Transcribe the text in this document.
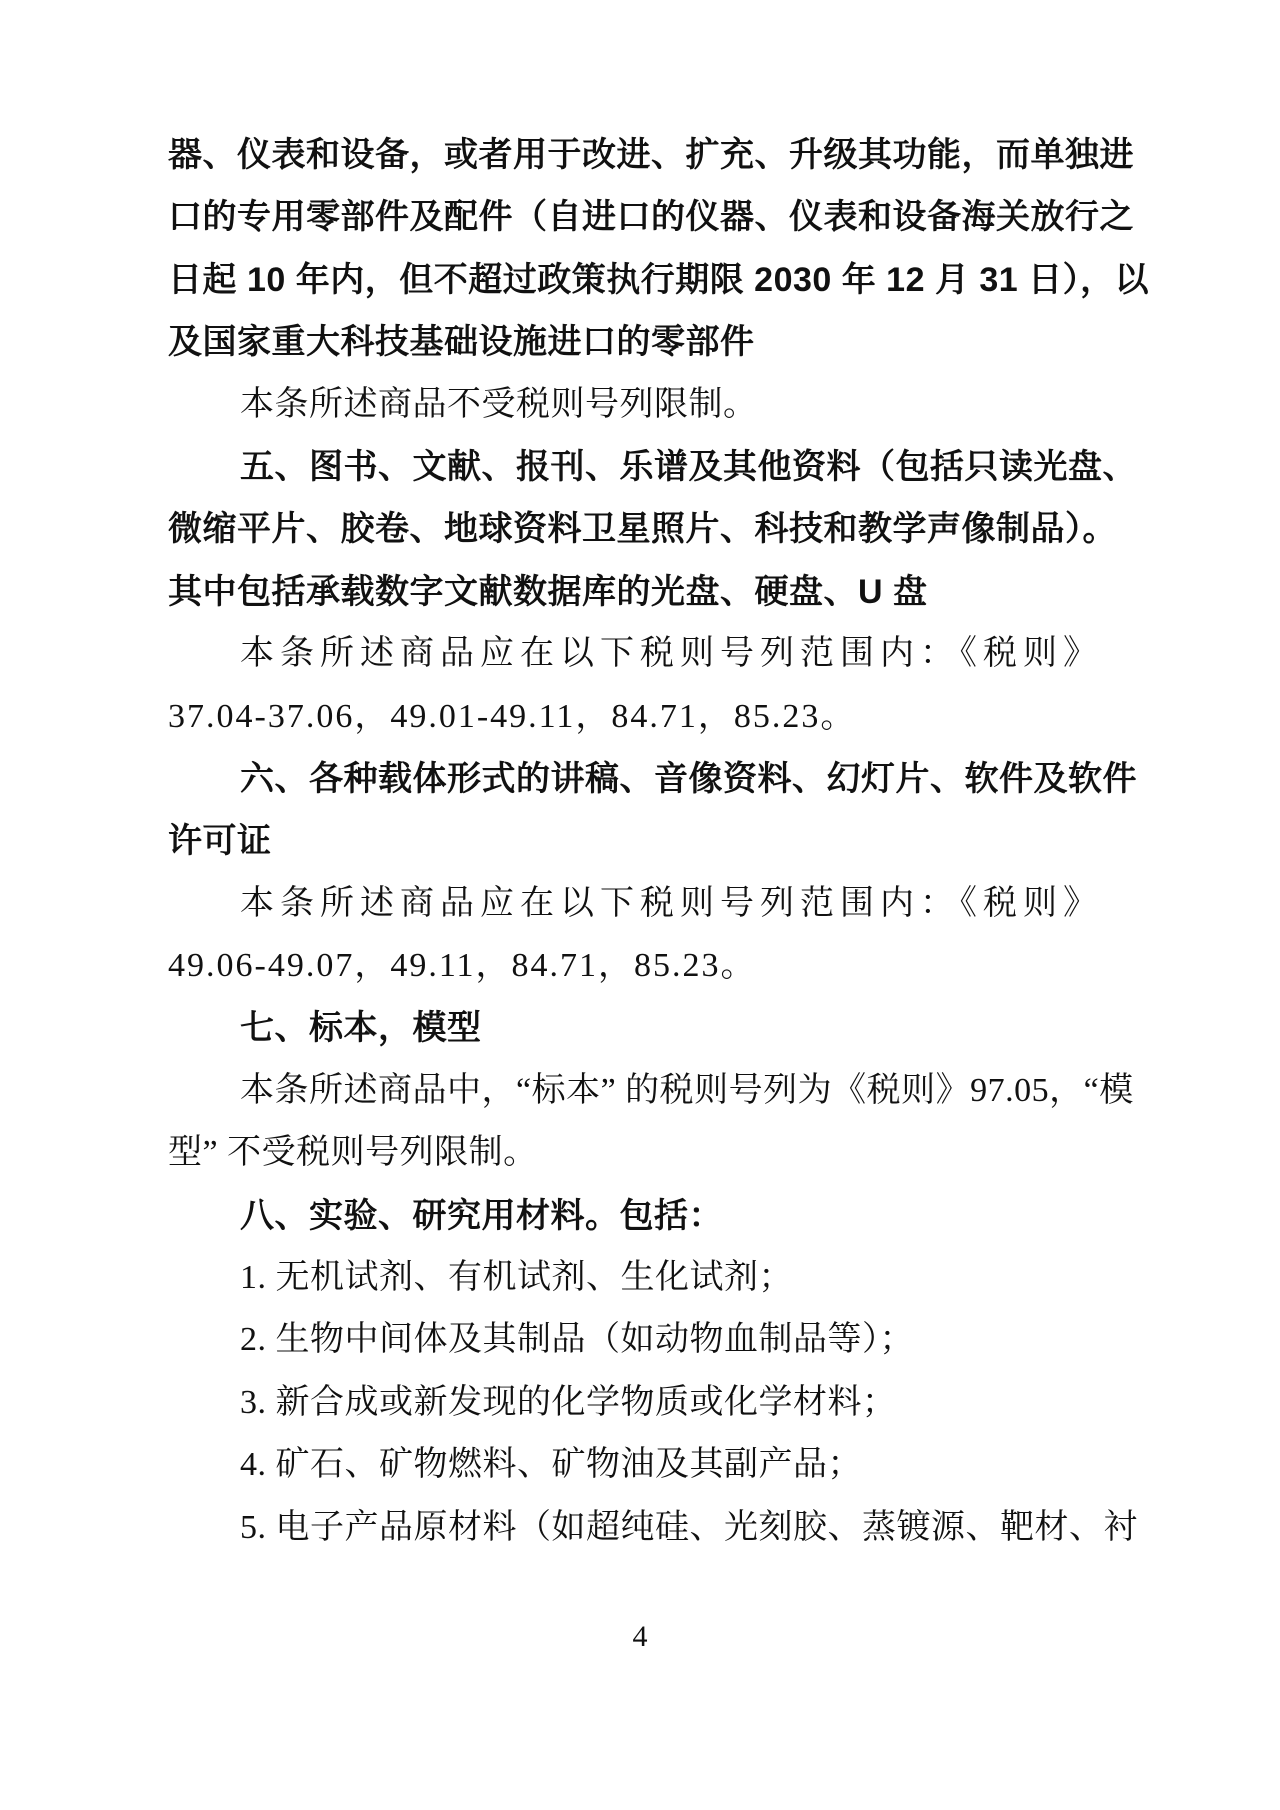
器、仪表和设备，或者用于改进、扩充、升级其功能，而单独进
口的专用零部件及配件（自进口的仪器、仪表和设备海关放行之
日起 10 年内，但不超过政策执行期限 2030 年 12 月 31 日），以
及国家重大科技基础设施进口的零部件
本条所述商品不受税则号列限制。
五、图书、文献、报刊、乐谱及其他资料（包括只读光盘、
微缩平片、胶卷、地球资料卫星照片、科技和教学声像制品）。
其中包括承载数字文献数据库的光盘、硬盘、U 盘
本条所述商品应在以下税则号列范围内：《税则》
37.04-37.06，49.01-49.11，84.71，85.23。
六、各种载体形式的讲稿、音像资料、幻灯片、软件及软件
许可证
本条所述商品应在以下税则号列范围内：《税则》
49.06-49.07，49.11，84.71，85.23。
七、标本，模型
本条所述商品中，“标本” 的税则号列为《税则》97.05，“模
型” 不受税则号列限制。
八、实验、研究用材料。包括：
1. 无机试剂、有机试剂、生化试剂；
2. 生物中间体及其制品（如动物血制品等）；
3. 新合成或新发现的化学物质或化学材料；
4. 矿石、矿物燃料、矿物油及其副产品；
5. 电子产品原材料（如超纯硅、光刻胶、蒸镀源、靶材、衬
4
